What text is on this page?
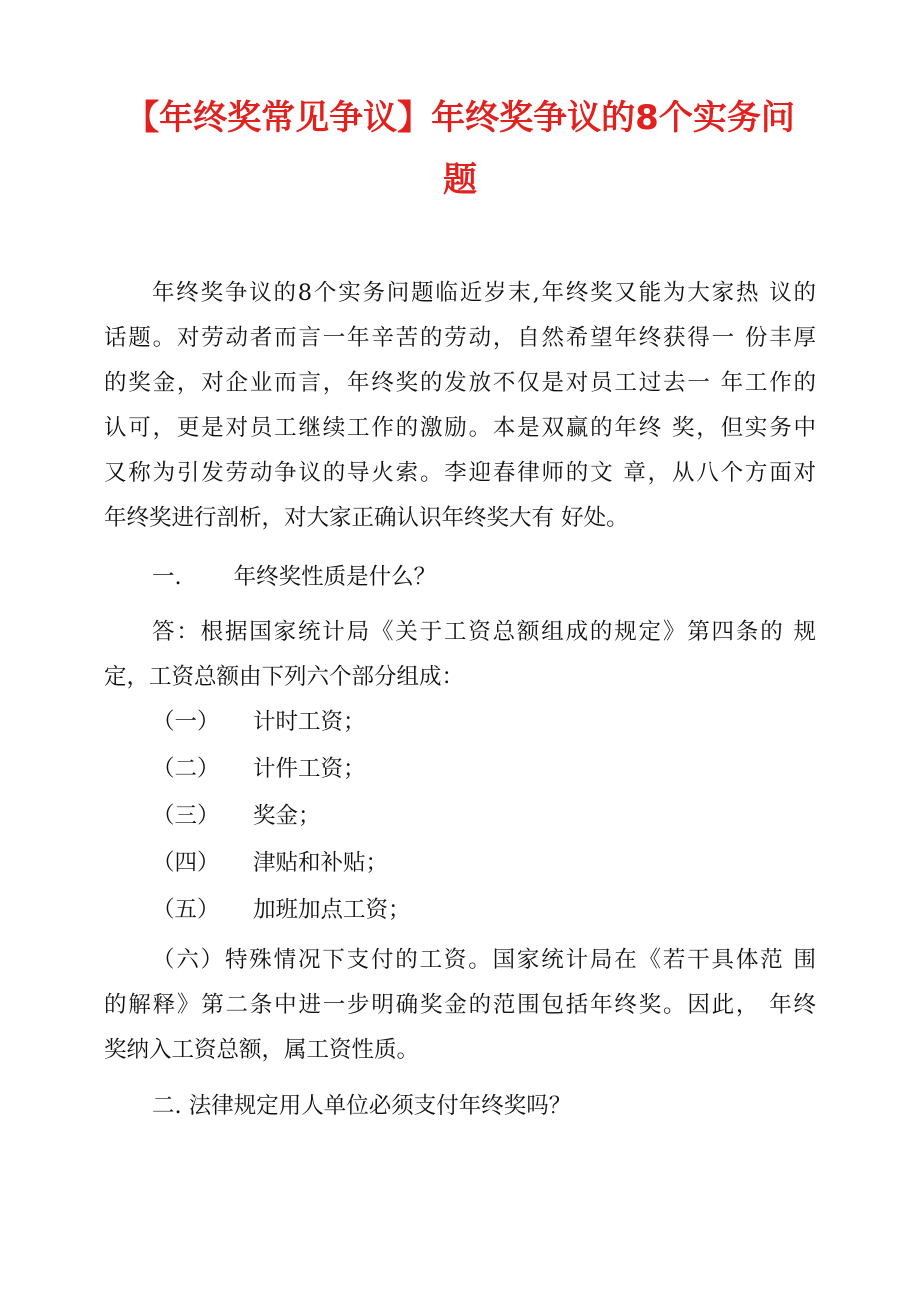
【年终奖常见争议】年终奖争议的8个实务问
题

年终奖争议的8个实务问题临近岁末,年终奖又能为大家热 议的

话题。对劳动者而言一年辛苦的劳动，自然希望年终获得一 份丰厚

的奖金，对企业而言，年终奖的发放不仅是对员工过去一 年工作的

认可，更是对员工继续工作的激励。本是双赢的年终 奖，但实务中

又称为引发劳动争议的导火索。李迎春律师的文 章，从八个方面对

年终奖进行剖析，对大家正确认识年终奖大有 好处。

一. 年终奖性质是什么？

答：根据国家统计局《关于工资总额组成的规定》第四条的 规

定，工资总额由下列六个部分组成：

（一） 计时工资；

（二） 计件工资；

（三） 奖金；

（四） 津贴和补贴；

（五） 加班加点工资；

（六）特殊情况下支付的工资。国家统计局在《若干具体范 围

的解释》第二条中进一步明确奖金的范围包括年终奖。因此， 年终

奖纳入工资总额，属工资性质。

二. 法律规定用人单位必须支付年终奖吗？
